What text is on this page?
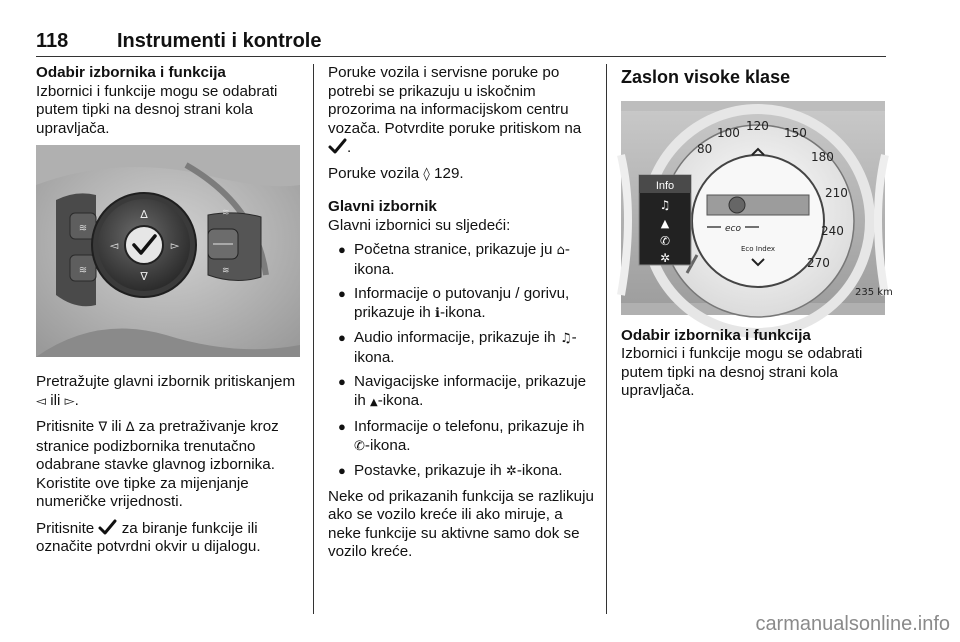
118 Instrumenti i kontrole

Odabir izbornika i funkcija

Izbornici i funkcije mogu se odabrati putem tipki na desnoj strani kola upravljača.

≋
≋
∆
∇
◅	▻
≋
≋

Pretražujte glavni izbornik pritiskanjem ◅ ili ▻.

Pritisnite ∇ ili ∆ za pretraživanje kroz stranice podizbornika trenutačno odabrane stavke glavnog izbornika. Koristite ove tipke za mijenjanje numeričke vrijednosti.

Pritisnite  za biranje funkcije ili označite potvrdni okvir u dijalogu.

Poruke vozila i servisne poruke po potrebi se prikazuju u iskočnim prozorima na informacijskom centru vozača. Potvrdite poruke pritiskom na
.

Poruke vozila ◊ 129.

Glavni izbornik

Glavni izbornici su sljedeći:

● Početna stranice, prikazuje ju ⌂-ikona.
● Informacije o putovanju / gorivu, prikazuje ih ℹ-ikona.
● Audio informacije, prikazuje ih ♫-ikona.
● Navigacijske informacije, prikazuje ih ▲-ikona.
● Informacije o telefonu, prikazuje ih ✆-ikona.
● Postavke, prikazuje ih ✲-ikona.

Neke od prikazanih funkcija se razlikuju ako se vozilo kreće ili ako miruje, a neke funkcije su aktivne samo dok se vozilo kreće.

Zaslon visoke klase

80
100 120 150
180
210
240
270
eco
Eco Index
Info
♫
▲
✆
✲
235 km

Odabir izbornika i funkcija

Izbornici i funkcije mogu se odabrati putem tipki na desnoj strani kola upravljača.

carmanualsonline.info
